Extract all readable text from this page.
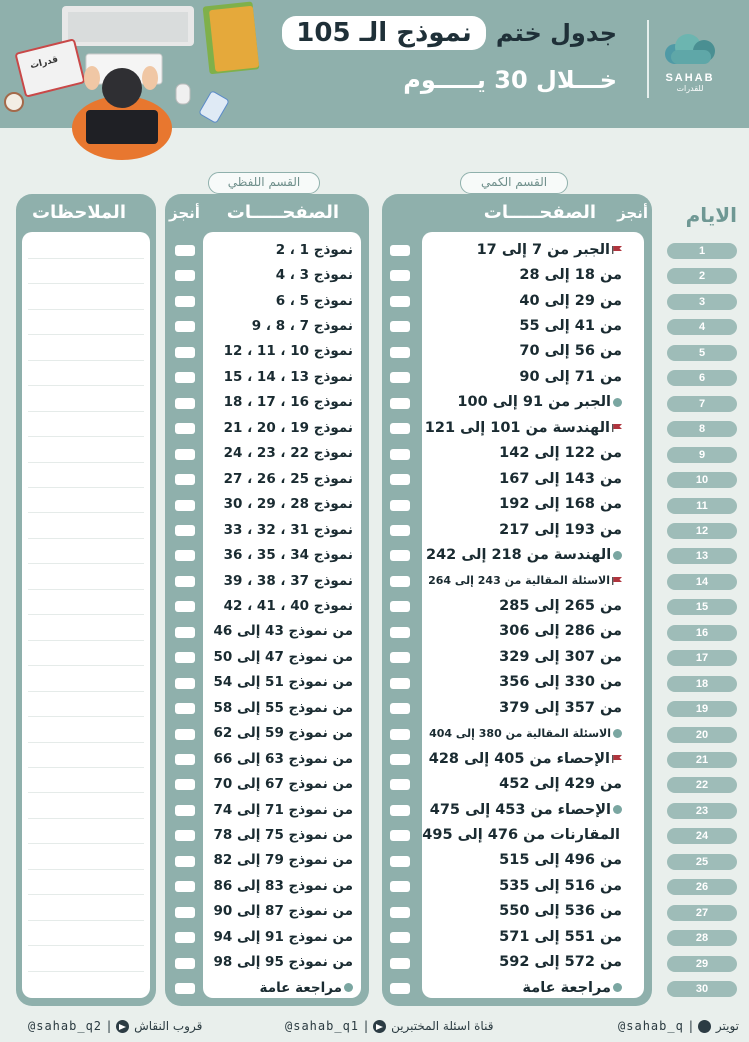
قدرات
SAHAB
للقدرات
جدول ختم
نموذج الـ 105
خـــلال 30 يـــــوم
القسم الكمي
القسم اللفظي
الايام
1
2
3
4
5
6
7
8
9
10
11
12
13
14
15
16
17
18
19
20
21
22
23
24
25
26
27
28
29
30
الصفحـــــات أنجز
الجبر من 7 إلى 17
من 18 إلى 28
من 29 إلى 40
من 41 إلى 55
من 56 إلى 70
من 71 إلى 90
الجبر من 91 إلى 100
الهندسة من 101 إلى 121
من 122 إلى 142
من 143 إلى 167
من 168 إلى 192
من 193 إلى 217
الهندسة من 218 إلى 242
الاسئلة المقالية من 243 إلى 264
من 265 إلى 285
من 286 إلى 306
من 307 إلى 329
من 330 إلى 356
من 357 إلى 379
الاسئلة المقالية من 380 إلى 404
الإحصاء من 405 إلى 428
من 429 إلى 452
الإحصاء من 453 إلى 475
المقارنات من 476 إلى 495
من 496 إلى 515
من 516 إلى 535
من 536 إلى 550
من 551 إلى 571
من 572 إلى 592
مراجعة عامة
الصفحـــــات
أنجز
نموذج 1 ، 2
نموذج 3 ، 4
نموذج 5 ، 6
نموذج 7 ، 8 ، 9
نموذج 10 ، 11 ، 12
نموذج 13 ، 14 ، 15
نموذج 16 ، 17 ، 18
نموذج 19 ، 20 ، 21
نموذج 22 ، 23 ، 24
نموذج 25 ، 26 ، 27
نموذج 28 ، 29 ، 30
نموذج 31 ، 32 ، 33
نموذج 34 ، 35 ، 36
نموذج 37 ، 38 ، 39
نموذج 40 ، 41 ، 42
من نموذج 43 إلى 46
من نموذج 47 إلى 50
من نموذج 51 إلى 54
من نموذج 55 إلى 58
من نموذج 59 إلى 62
من نموذج 63 إلى 66
من نموذج 67 إلى 70
من نموذج 71 إلى 74
من نموذج 75 إلى 78
من نموذج 79 إلى 82
من نموذج 83 إلى 86
من نموذج 87 إلى 90
من نموذج 91 إلى 94
من نموذج 95 إلى 98
مراجعة عامة
الملاحظات
@sahab_q | تويتر
@sahab_q1 | قناة اسئلة المختبرين
@sahab_q2 | قروب النقاش
